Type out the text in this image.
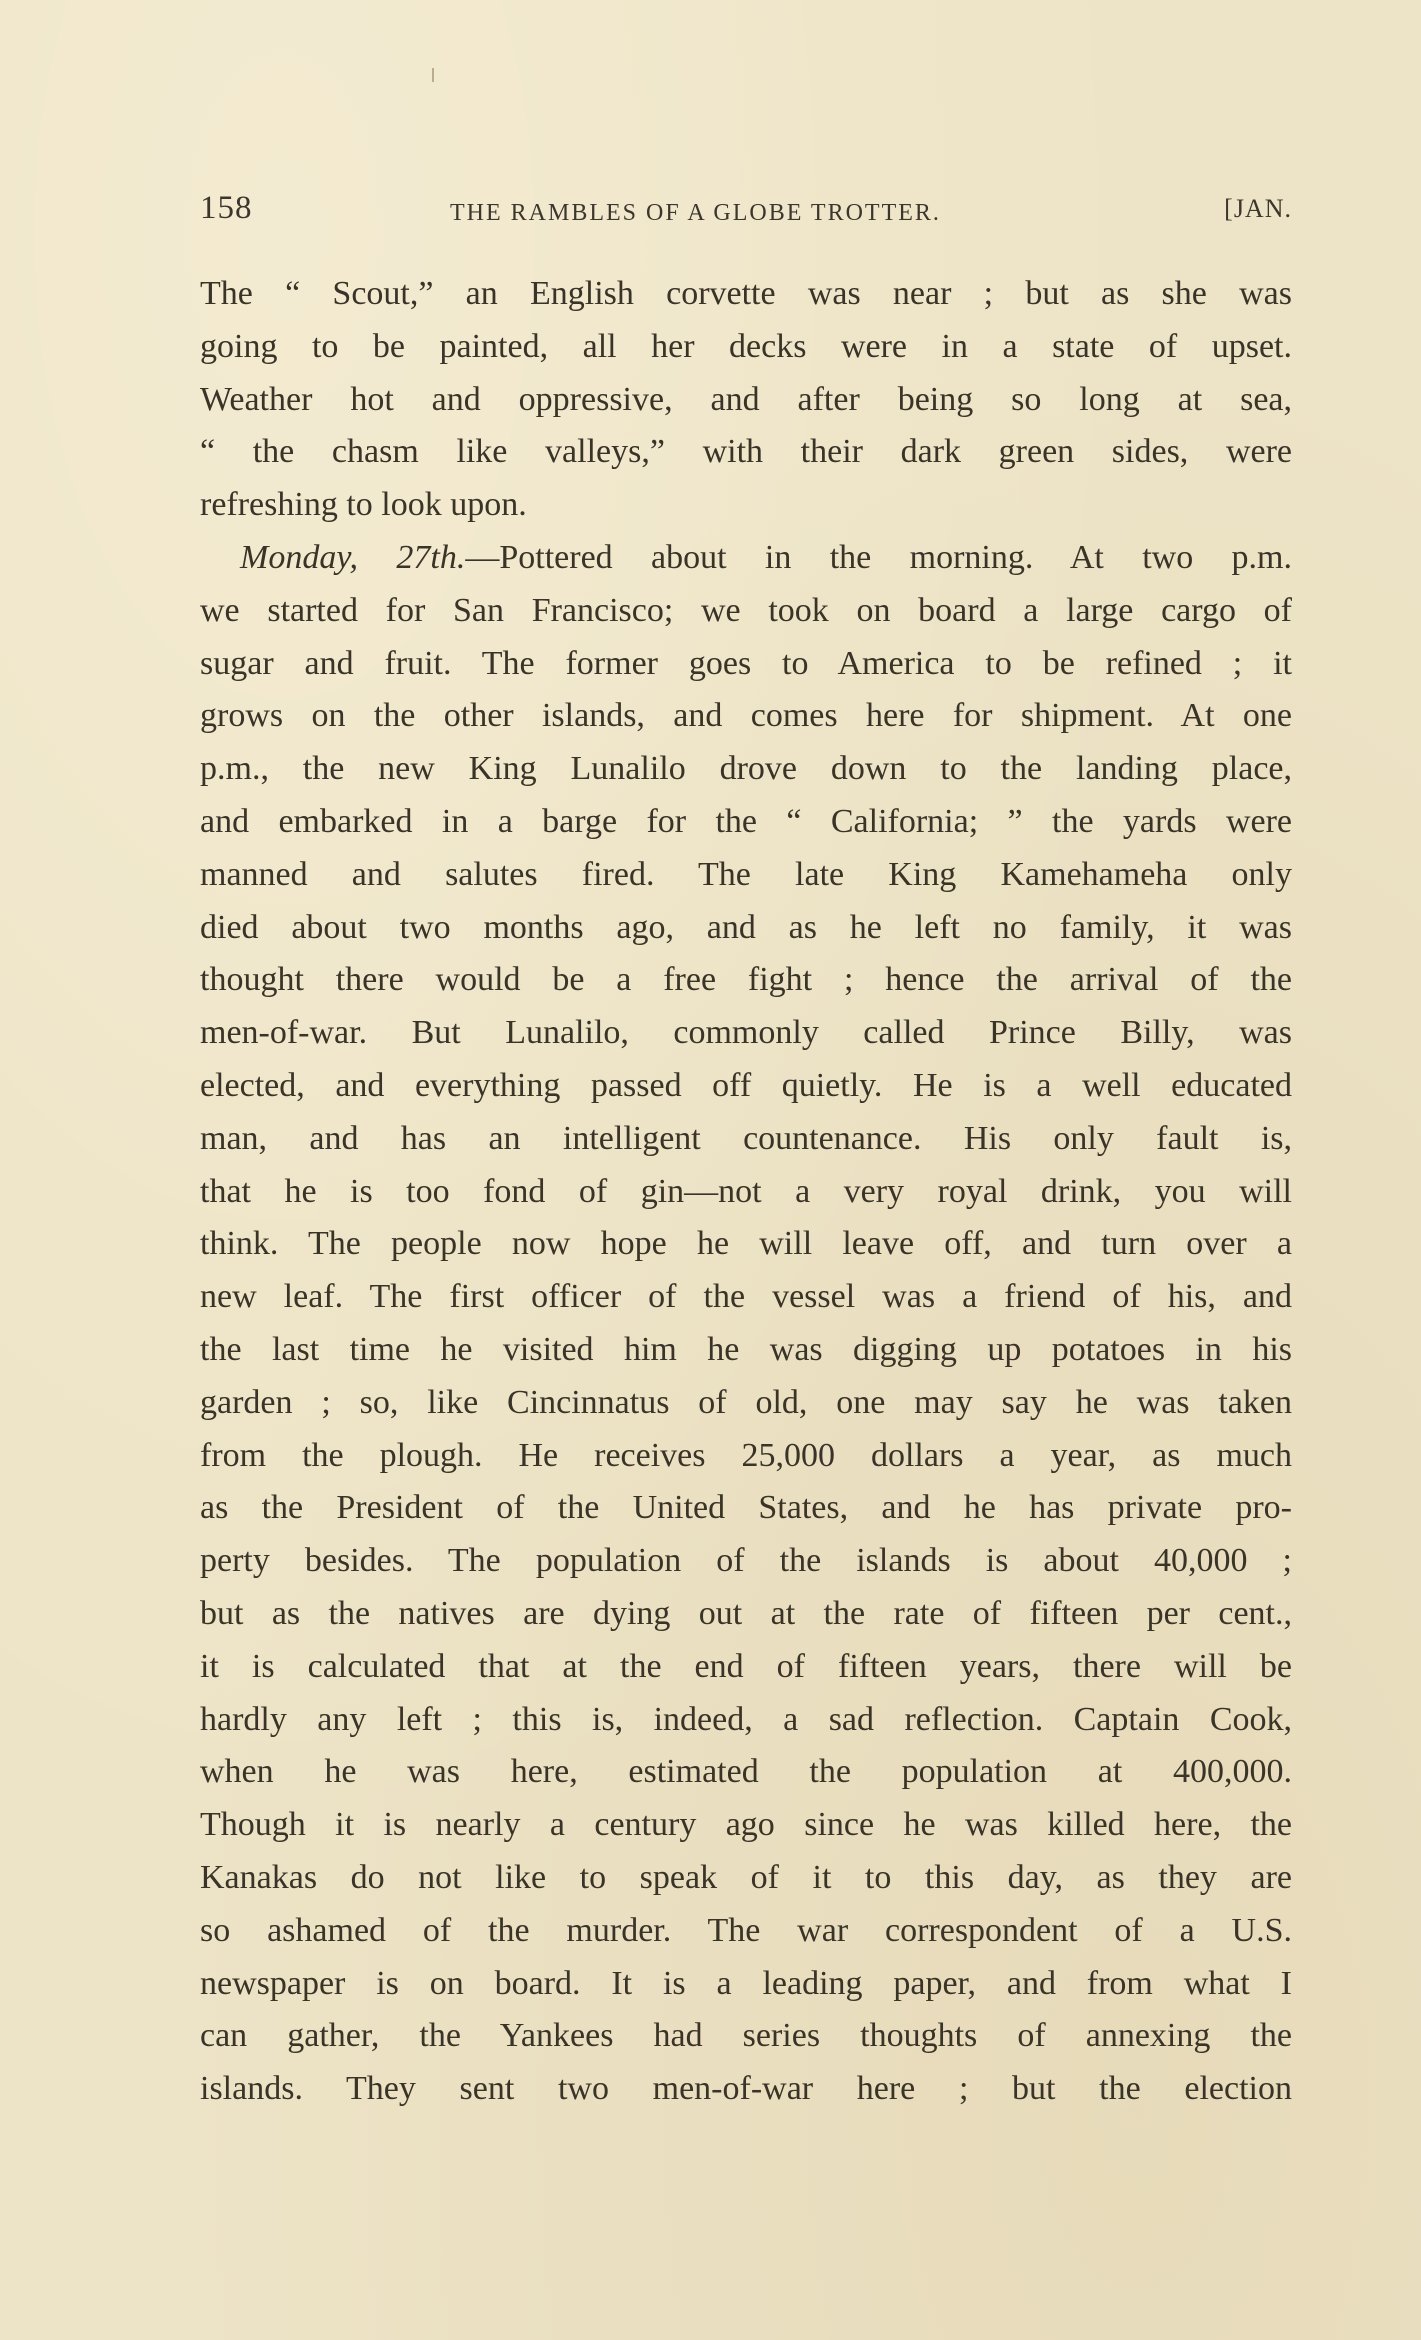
158	THE RAMBLES OF A GLOBE TROTTER.	[JAN.
The “ Scout,” an English corvette was near ; but as she was
going to be painted, all her decks were in a state of upset.
Weather hot and oppressive, and after being so long at sea,
“ the chasm like valleys,” with their dark green sides, were
refreshing to look upon.
Monday, 27th.—Pottered about in the morning. At two p.m.
we started for San Francisco; we took on board a large cargo of
sugar and fruit. The former goes to America to be refined ; it
grows on the other islands, and comes here for shipment. At one
p.m., the new King Lunalilo drove down to the landing place,
and embarked in a barge for the “ California; ” the yards were
manned and salutes fired. The late King Kamehameha only
died about two months ago, and as he left no family, it was
thought there would be a free fight ; hence the arrival of the
men-of-war. But Lunalilo, commonly called Prince Billy, was
elected, and everything passed off quietly. He is a well educated
man, and has an intelligent countenance. His only fault is,
that he is too fond of gin—not a very royal drink, you will
think. The people now hope he will leave off, and turn over a
new leaf. The first officer of the vessel was a friend of his, and
the last time he visited him he was digging up potatoes in his
garden ; so, like Cincinnatus of old, one may say he was taken
from the plough. He receives 25,000 dollars a year, as much
as the President of the United States, and he has private pro-
perty besides. The population of the islands is about 40,000 ;
but as the natives are dying out at the rate of fifteen per cent.,
it is calculated that at the end of fifteen years, there will be
hardly any left ; this is, indeed, a sad reflection. Captain Cook,
when he was here, estimated the population at 400,000.
Though it is nearly a century ago since he was killed here, the
Kanakas do not like to speak of it to this day, as they are
so ashamed of the murder. The war correspondent of a U.S.
newspaper is on board. It is a leading paper, and from what I
can gather, the Yankees had series thoughts of annexing the
islands. They sent two men-of-war here ; but the election
